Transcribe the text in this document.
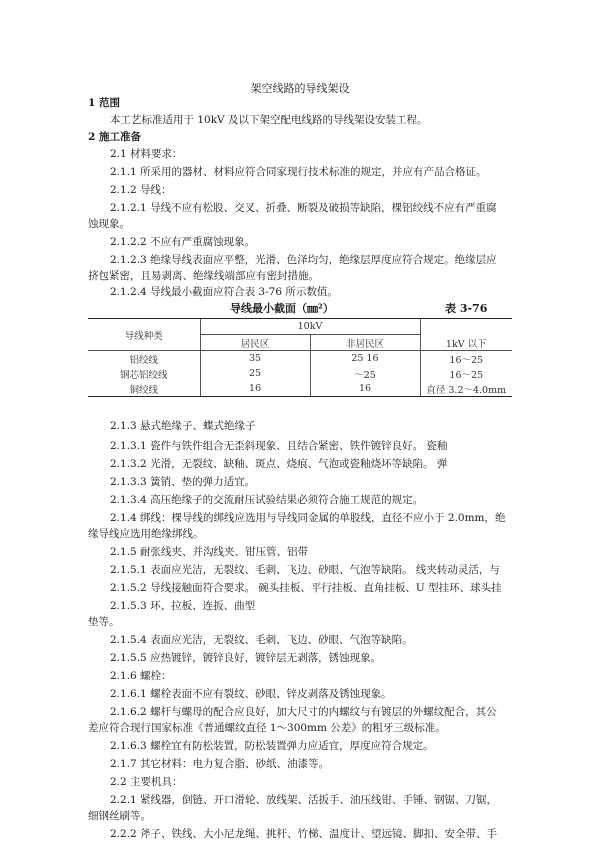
架空线路的导线架设
1 范围
本工艺标准适用于 10kV 及以下架空配电线路的导线架设安装工程。
2 施工准备
2.1 材料要求：
2.1.1 所采用的器材、材料应符合同家现行技术标准的规定，并应有产品合格证。
2.1.2 导线：
2.1.2.1 导线不应有松股、交叉、折叠、断裂及破损等缺陷，棵铝绞线不应有严重腐
蚀现象。
2.1.2.2 不应有严重腐蚀现象。
2.1.2.3 绝缘导线表面应平整，光滑、色泽均匀，绝缘层厚度应符合规定。绝缘层应
挤包紧密，且易剥离、绝缘线端部应有密封措施。
2.1.2.4 导线最小截面应符合表 3-76 所示数值。
导线最小截面（㎜²）	表 3-76
导线种类	10kV		1kV 以下
	居民区	非居民区	
铝绞线	35	25 16	16～25
钢芯铝绞线	25	～25	16～25
铜绞线	16	16	直径 3.2～4.0mm
2.1.3 悬式绝缘子、蝶式绝缘子
2.1.3.1 瓷件与铁件组合无歪斜现象、且结合紧密、铁件镀锌良好。 瓷釉
2.1.3.2 光滑，无裂纹、缺釉、斑点、烧痕、气泡或瓷釉烧坏等缺陷。 弹
2.1.3.3 簧销、垫的弹力适宜。
2.1.3.4 高压绝缘子的交流耐压试验结果必须符合施工规范的规定。
2.1.4 绑线：棵导线的绑线应选用与导线同金属的单股线，直径不应小于 2.0mm，绝
缘导线应选用绝缘绑线。
2.1.5 耐张线夹、并沟线夹、钳压管、铝带
2.1.5.1 表面应光洁，无裂纹、毛刺、飞边、砂眼、气泡等缺陷。 线夹转动灵活，与
2.1.5.2 导线接触面符合要求。 碗头挂板、平行挂板、直角挂板、U 型挂环、球头挂
2.1.5.3 环、拉板、连扳、曲型
垫等。
2.1.5.4 表面应光洁，无裂纹、毛刺、飞边、砂眼、气泡等缺陷。
2.1.5.5 应热镀锌，镀锌良好，镀锌层无剥落，锈蚀现象。
2.1.6 螺栓：
2.1.6.1 螺栓表面不应有裂纹、砂眼、锌皮剥落及锈蚀现象。
2.1.6.2 螺杆与螺母的配合应良好，加大尺寸的内螺纹与有镀层的外螺纹配合，其公
差应符合现行国家标准《普通螺纹直径 1～300mm 公差》的粗牙三级标准。
2.1.6.3 螺栓宜有防松装置，防松装置弹力应适宜，厚度应符合规定。
2.1.7 其它材料：电力复合脂、砂纸、油漆等。
2.2 主要机具：
2.2.1 紧线器，倒链、开口滑轮、放线架、活扳手、油压线钳、手锤、钢锯、刀锯，
细钢丝刷等。
2.2.2 斧子、铁线、大小尼龙绳、挑杆、竹梯、温度计、望远镜、脚扣、安全带、手
